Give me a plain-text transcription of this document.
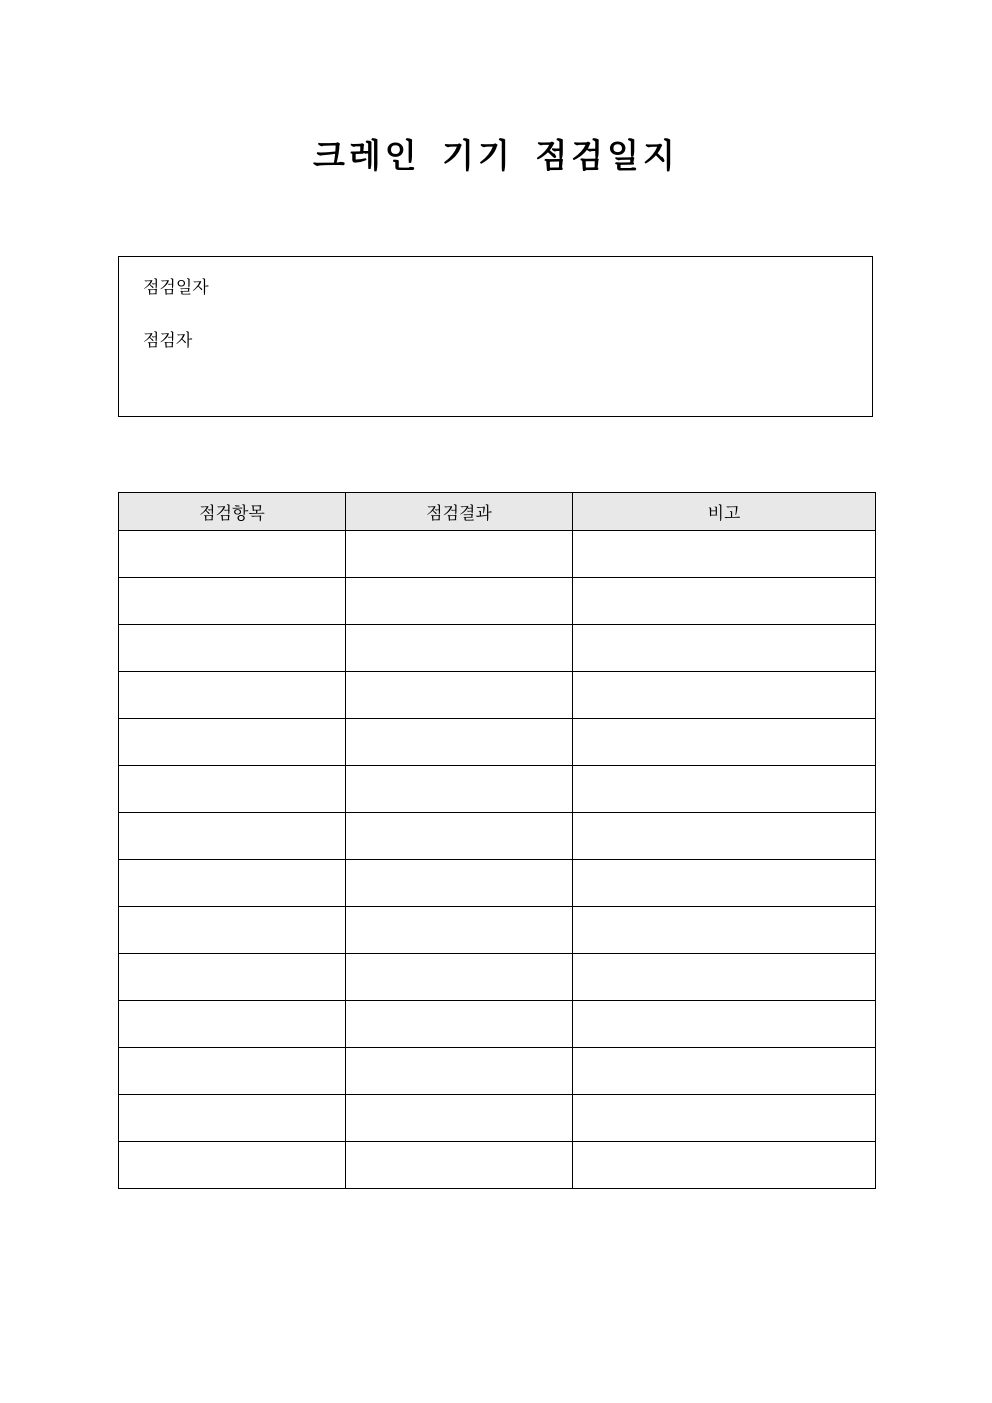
크레인 기기 점검일지
점검일자
점검자
점검항목	점검결과	비고
